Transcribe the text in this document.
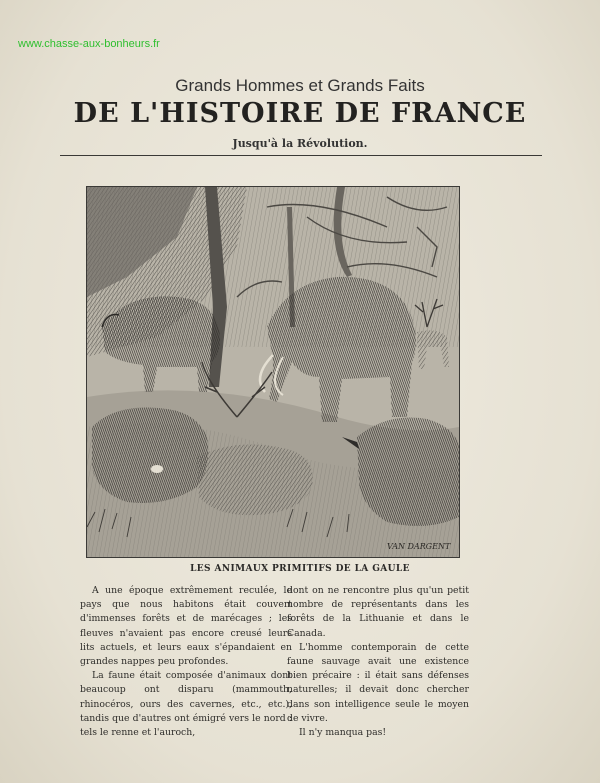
www.chasse-aux-bonheurs.fr
Grands Hommes et Grands Faits
DE L'HISTOIRE DE FRANCE
Jusqu'à la Révolution.
VAN DARGENT
LES ANIMAUX PRIMITIFS DE LA GAULE

A une époque extrêmement reculée, le pays que nous habitons était couvert d'immenses forêts et de marécages ; les fleuves n'avaient pas encore creusé leurs lits actuels, et leurs eaux s'épandaient en grandes nappes peu profondes.

La faune était composée d'animaux dont beaucoup ont disparu (mammouth, rhinocéros, ours des cavernes, etc., etc.), tandis que d'autres ont émigré vers le nord : tels le renne et l'auroch,

dont on ne rencontre plus qu'un petit nombre de représentants dans les forêts de la Lithuanie et dans le Canada.

L'homme contemporain de cette faune sauvage avait une existence bien précaire : il était sans défenses naturelles; il devait donc chercher dans son intelligence seule le moyen de vivre.

Il n'y manqua pas!
